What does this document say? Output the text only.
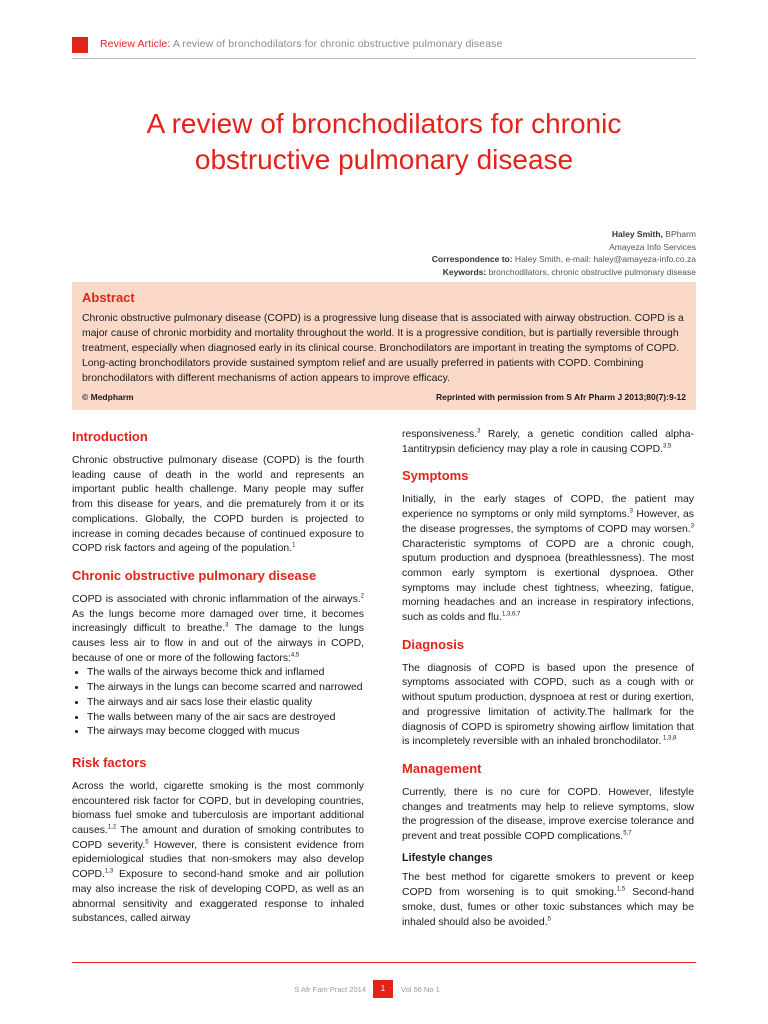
Review Article: A review of bronchodilators for chronic obstructive pulmonary disease
A review of bronchodilators for chronic
obstructive pulmonary disease
Haley Smith, BPharm
Amayeza Info Services
Correspondence to: Haley Smith, e-mail: haley@amayeza-info.co.za
Keywords: bronchodilators, chronic obstructive pulmonary disease
Abstract
Chronic obstructive pulmonary disease (COPD) is a progressive lung disease that is associated with airway obstruction. COPD is a major cause of chronic morbidity and mortality throughout the world. It is a progressive condition, but is partially reversible through treatment, especially when diagnosed early in its clinical course. Bronchodilators are important in treating the symptoms of COPD. Long-acting bronchodilators provide sustained symptom relief and are usually preferred in patients with COPD. Combining bronchodilators with different mechanisms of action appears to improve efficacy.
© Medpharm	Reprinted with permission from S Afr Pharm J 2013;80(7):9-12
Introduction

Chronic obstructive pulmonary disease (COPD) is the fourth leading cause of death in the world and represents an important public health challenge. Many people may suffer from this disease for years, and die prematurely from it or its complications. Globally, the COPD burden is projected to increase in coming decades because of continued exposure to COPD risk factors and ageing of the population.$^1$

Chronic obstructive pulmonary disease

COPD is associated with chronic inflammation of the airways.$^2$ As the lungs become more damaged over time, it becomes increasingly difficult to breathe.$^3$ The damage to the lungs causes less air to flow in and out of the airways in COPD, because of one or more of the following factors:$^{4,5}$

• The walls of the airways become thick and inflamed
• The airways in the lungs can become scarred and narrowed
• The airways and air sacs lose their elastic quality
• The walls between many of the air sacs are destroyed
• The airways may become clogged with mucus
Risk factors

Across the world, cigarette smoking is the most commonly encountered risk factor for COPD, but in developing countries, biomass fuel smoke and tuberculosis are important additional causes.$^{1,2}$ The amount and duration of smoking contributes to COPD severity.$^5$ However, there is consistent evidence from epidemiological studies that non-smokers may also develop COPD.$^{1,3}$ Exposure to second-hand smoke and air pollution may also increase the risk of developing COPD, as well as an abnormal sensitivity and exaggerated response to inhaled substances, called airway

responsiveness.$^3$ Rarely, a genetic condition called alpha-1antitrypsin deficiency may play a role in causing COPD.$^{3,5}$

Symptoms

Initially, in the early stages of COPD, the patient may experience no symptoms or only mild symptoms.$^3$ However, as the disease progresses, the symptoms of COPD may worsen.$^3$ Characteristic symptoms of COPD are a chronic cough, sputum production and dyspnoea (breathlessness). The most common early symptom is exertional dyspnoea. Other symptoms may include chest tightness, wheezing, fatigue, morning headaches and an increase in respiratory infections, such as colds and flu.$^{1,3,6,7}$

Diagnosis

The diagnosis of COPD is based upon the presence of symptoms associated with COPD, such as a cough with or without sputum production, dyspnoea at rest or during exertion, and progressive limitation of activity.The hallmark for the diagnosis of COPD is spirometry showing airflow limitation that is incompletely reversible with an inhaled bronchodilator. $^{1,3,8}$

Management

Currently, there is no cure for COPD. However, lifestyle changes and treatments may help to relieve symptoms, slow the progression of the disease, improve exercise tolerance and prevent and treat possible COPD complications.$^{5,7}$

Lifestyle changes

The best method for cigarette smokers to prevent or keep COPD from worsening is to quit smoking.$^{1,5}$ Second-hand smoke, dust, fumes or other toxic substances which may be inhaled should also be avoided.$^5$

S Afr Fam Pract 2014	1	Vol 56 No 1
